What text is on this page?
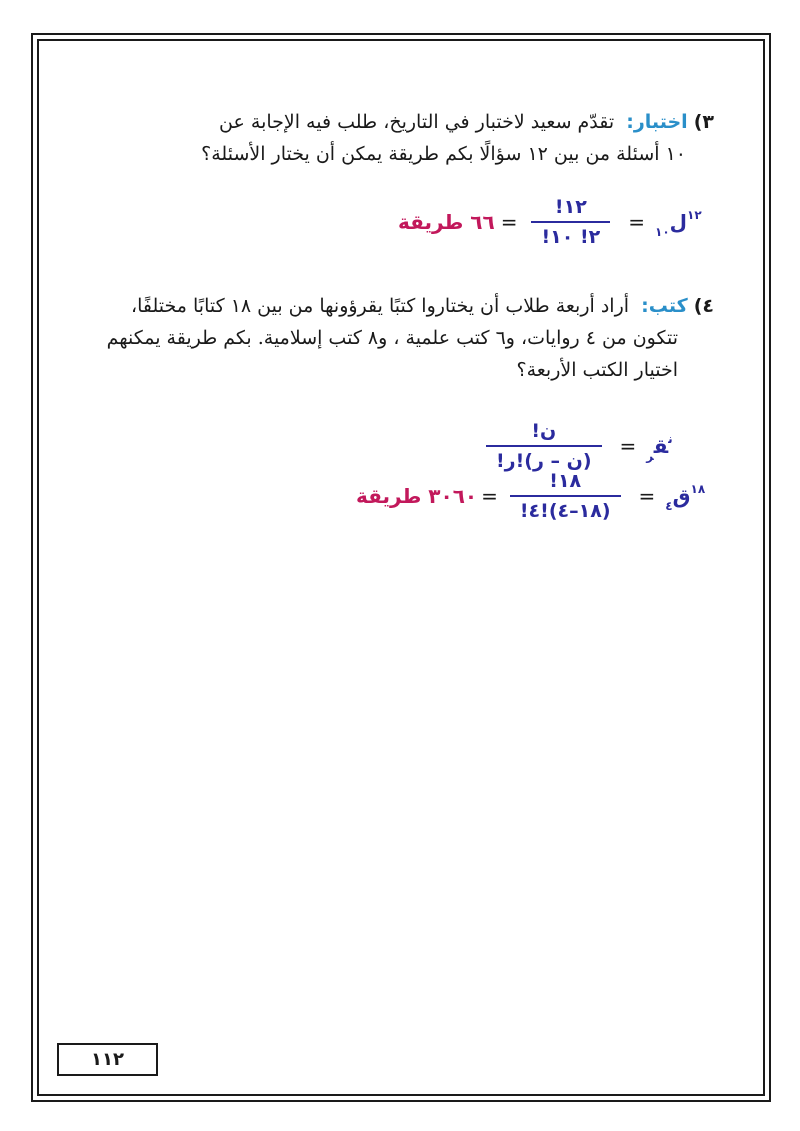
٣) اختبار:  تقدّم سعيد لاختبار في التاريخ، طلب فيه الإجابة عن
١٠ أسئلة من بين ١٢ سؤالًا بكم طريقة يمكن أن يختار الأسئلة؟
$^{١٢}$ل$_{١٠}$
=
$\frac{١٢!}{٢! ١٠!}$
=
٦٦ طريقة
٤) كتب:  أراد أربعة طلاب أن يختاروا كتبًا يقرؤونها من بين ١٨ كتابًا مختلفًا،
تتكون من ٤ روايات، و٦ كتب علمية ، و٨ كتب إسلامية. بكم طريقة يمكنهم
اختيار الكتب الأربعة؟
$^ن$ق$_ر$
=
$\frac{\text{ن!}}{\text{(ن – ر)!ر!}}$
$^{١٨}$ق$_٤$
=
$\frac{١٨!}{(١٨-٤)!٤!}$
=
٣٠٦٠ طريقة
١١٢
